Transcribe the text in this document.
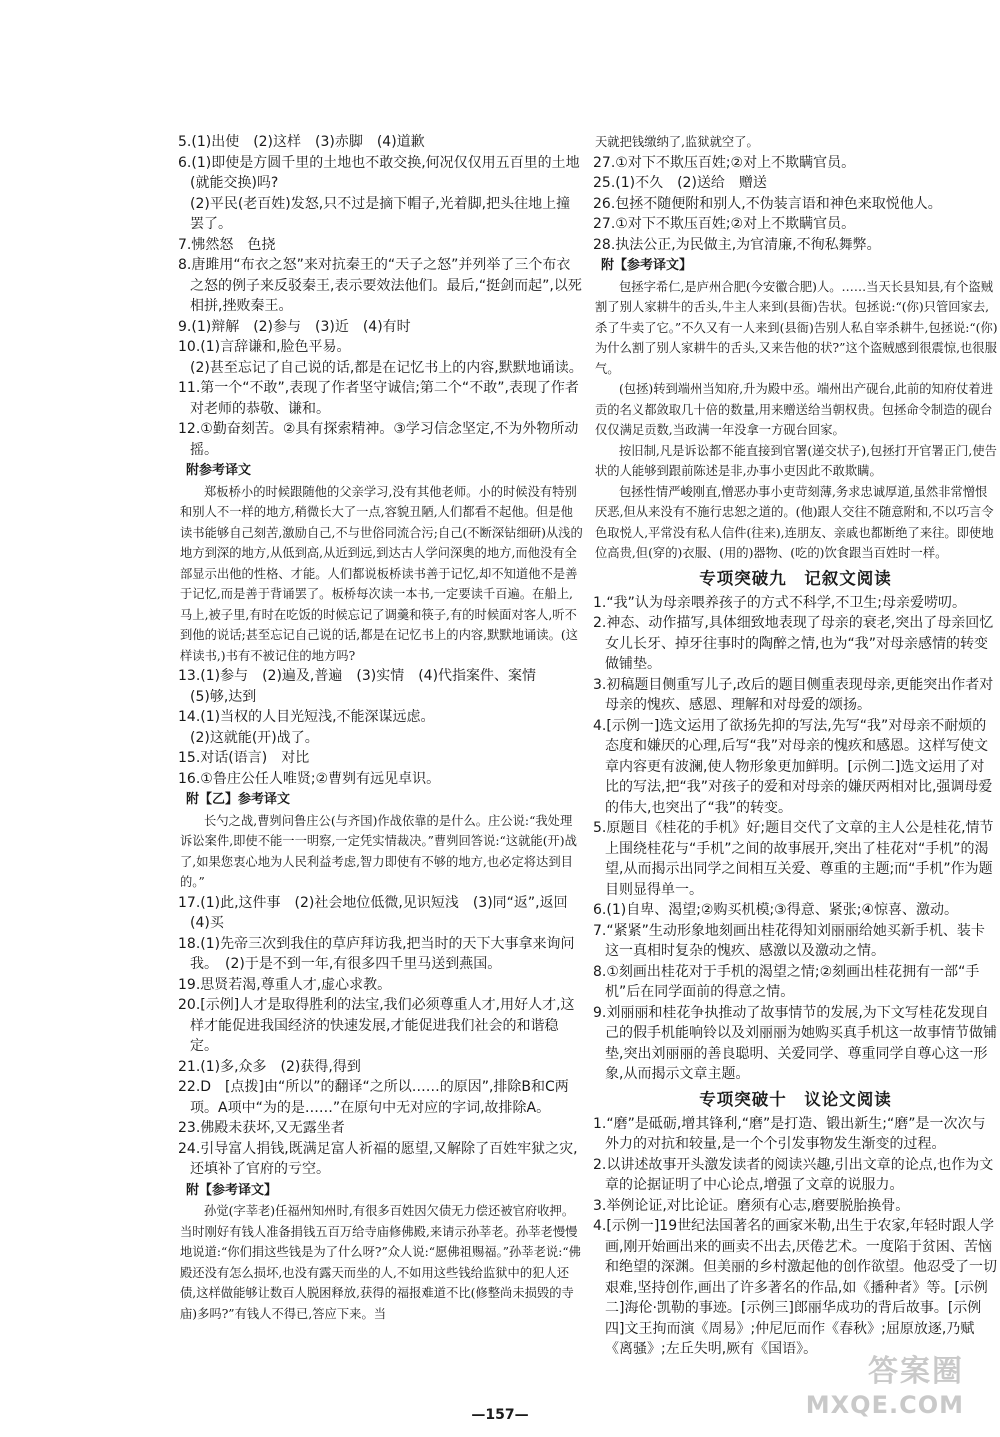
5.(1)出使　(2)这样　(3)赤脚　(4)道歉

6.(1)即使是方圆千里的土地也不敢交换,何况仅仅用五百里的土地(就能交换)吗?

(2)平民(老百姓)发怒,只不过是摘下帽子,光着脚,把头往地上撞罢了。

7.怫然怒　色挠

8.唐雎用“布衣之怒”来对抗秦王的“天子之怒”并列举了三个布衣之怒的例子来反驳秦王,表示要效法他们。最后,“挺剑而起”,以死相拼,挫败秦王。

9.(1)辩解　(2)参与　(3)近　(4)有时

10.(1)言辞谦和,脸色平易。

(2)甚至忘记了自己说的话,都是在记忆书上的内容,默默地诵读。

11.第一个“不敢”,表现了作者坚守诚信;第二个“不敢”,表现了作者对老师的恭敬、谦和。

12.①勤奋刻苦。②具有探索精神。③学习信念坚定,不为外物所动摇。

附参考译文

郑板桥小的时候跟随他的父亲学习,没有其他老师。小的时候没有特别和别人不一样的地方,稍微长大了一点,容貌丑陋,人们都看不起他。但是他读书能够自己刻苦,激励自己,不与世俗同流合污;自己(不断深钻细研)从浅的地方到深的地方,从低到高,从近到远,到达古人学问深奥的地方,而他没有全部显示出他的性格、才能。人们都说板桥读书善于记忆,却不知道他不是善于记忆,而是善于背诵罢了。板桥每次读一本书,一定要读千百遍。在船上,马上,被子里,有时在吃饭的时候忘记了调羹和筷子,有的时候面对客人,听不到他的说话;甚至忘记自己说的话,都是在记忆书上的内容,默默地诵读。(这样读书,)书有不被记住的地方吗?

13.(1)参与　(2)遍及,普遍　(3)实情　(4)代指案件、案情

(5)够,达到

14.(1)当权的人目光短浅,不能深谋远虑。

(2)这就能(开)战了。

15.对话(语言)　对比

16.①鲁庄公任人唯贤;②曹刿有远见卓识。

附【乙】参考译文

长勺之战,曹刿问鲁庄公(与齐国)作战依靠的是什么。庄公说:“我处理诉讼案件,即使不能一一明察,一定凭实情裁决。”曹刿回答说:“这就能(开)战了,如果您衷心地为人民利益考虑,智力即使有不够的地方,也必定将达到目的。”

17.(1)此,这件事　(2)社会地位低微,见识短浅　(3)同“返”,返回　(4)买

18.(1)先帝三次到我住的草庐拜访我,把当时的天下大事拿来询问我。　(2)于是不到一年,有很多四千里马送到燕国。

19.思贤若渴,尊重人才,虚心求教。

20.[示例]人才是取得胜利的法宝,我们必须尊重人才,用好人才,这样才能促进我国经济的快速发展,才能促进我们社会的和谐稳定。

21.(1)多,众多　(2)获得,得到

22.D　[点拨]由“所以”的翻译“之所以……的原因”,排除B和C两项。A项中“为的是……”在原句中无对应的字词,故排除A。

23.佛殿未获坏,又无露坐者

24.引导富人捐钱,既满足富人祈福的愿望,又解除了百姓牢狱之灾,还填补了官府的亏空。

附【参考译文】

孙觉(字莘老)任福州知州时,有很多百姓因欠债无力偿还被官府收押。当时刚好有钱人准备捐钱五百万给寺庙修佛殿,来请示孙莘老。孙莘老慢慢地说道:“你们捐这些钱是为了什么呀?”众人说:“愿佛祖赐福。”孙莘老说:“佛殿还没有怎么损坏,也没有露天而坐的人,不如用这些钱给监狱中的犯人还债,这样做能够让数百人脱困释放,获得的福报难道不比(修整尚未损毁的寺庙)多吗?”有钱人不得已,答应下来。当

天就把钱缴纳了,监狱就空了。

27.①对下不欺压百姓;②对上不欺瞒官员。

25.(1)不久　(2)送给　赠送

26.包拯不随便附和别人,不伪装言语和神色来取悦他人。

27.①对下不欺压百姓;②对上不欺瞒官员。

28.执法公正,为民做主,为官清廉,不徇私舞弊。

附【参考译文】

包拯字希仁,是庐州合肥(今安徽合肥)人。……当天长县知县,有个盗贼割了别人家耕牛的舌头,牛主人来到(县衙)告状。包拯说:“(你)只管回家去,杀了牛卖了它。”不久又有一人来到(县衙)告别人私自宰杀耕牛,包拯说:“(你)为什么割了别人家耕牛的舌头,又来告他的状?”这个盗贼感到很震惊,也很服气。

(包拯)转到端州当知府,升为殿中丞。端州出产砚台,此前的知府仗着进贡的名义都敛取几十倍的数量,用来赠送给当朝权贵。包拯命令制造的砚台仅仅满足贡数,当政满一年没拿一方砚台回家。

按旧制,凡是诉讼都不能直接到官署(递交状子),包拯打开官署正门,使告状的人能够到跟前陈述是非,办事小吏因此不敢欺瞒。

包拯性情严峻刚直,憎恶办事小吏苛刻薄,务求忠诚厚道,虽然非常憎恨厌恶,但从来没有不施行忠恕之道的。(他)跟人交往不随意附和,不以巧言令色取悦人,平常没有私人信件(往来),连朋友、亲戚也都断绝了来往。即使地位高贵,但(穿的)衣服、(用的)器物、(吃的)饮食跟当百姓时一样。

专项突破九　记叙文阅读

1.“我”认为母亲喂养孩子的方式不科学,不卫生;母亲爱唠叨。

2.神态、动作描写,具体细致地表现了母亲的衰老,突出了母亲回忆女儿长牙、掉牙往事时的陶醉之情,也为“我”对母亲感情的转变做铺垫。

3.初稿题目侧重写儿子,改后的题目侧重表现母亲,更能突出作者对母亲的愧疚、感恩、理解和对母爱的颂扬。

4.[示例一]选文运用了欲扬先抑的写法,先写“我”对母亲不耐烦的态度和嫌厌的心理,后写“我”对母亲的愧疚和感恩。这样写使文章内容更有波澜,使人物形象更加鲜明。[示例二]选文运用了对比的写法,把“我”对孩子的爱和对母亲的嫌厌两相对比,强调母爱的伟大,也突出了“我”的转变。

5.原题目《桂花的手机》好;题目交代了文章的主人公是桂花,情节上围绕桂花与“手机”之间的故事展开,突出了桂花对“手机”的渴望,从而揭示出同学之间相互关爱、尊重的主题;而“手机”作为题目则显得单一。

6.(1)自卑、渴望;②购买机模;③得意、紧张;④惊喜、激动。

7.“紧紧”生动形象地刻画出桂花得知刘丽丽给她买新手机、装卡这一真相时复杂的愧疚、感激以及激动之情。

8.①刻画出桂花对于手机的渴望之情;②刻画出桂花拥有一部“手机”后在同学面前的得意之情。

9.刘丽丽和桂花争执推动了故事情节的发展,为下文写桂花发现自己的假手机能响铃以及刘丽丽为她购买真手机这一故事情节做铺垫,突出刘丽丽的善良聪明、关爱同学、尊重同学自尊心这一形象,从而揭示文章主题。

专项突破十　议论文阅读

1.“磨”是砥砺,增其锋利,“磨”是打造、锻出新生;“磨”是一次次与外力的对抗和较量,是一个个引发事物发生渐变的过程。

2.以讲述故事开头激发读者的阅读兴趣,引出文章的论点,也作为文章的论据证明了中心论点,增强了文章的说服力。

3.举例论证,对比论证。磨须有心志,磨要脱胎换骨。

4.[示例一]19世纪法国著名的画家米勒,出生于农家,年轻时跟人学画,刚开始画出来的画卖不出去,厌倦艺术。一度陷于贫困、苦恼和绝望的深渊。但美丽的乡村激起他的创作欲望。他忍受了一切艰难,坚持创作,画出了许多著名的作品,如《播种者》等。[示例二]海伦·凯勒的事迹。[示例三]郎丽华成功的背后故事。[示例四]文王拘而演《周易》;仲尼厄而作《春秋》;屈原放逐,乃赋《离骚》;左丘失明,厥有《国语》。

—157—
答案圈
MXQE.COM
